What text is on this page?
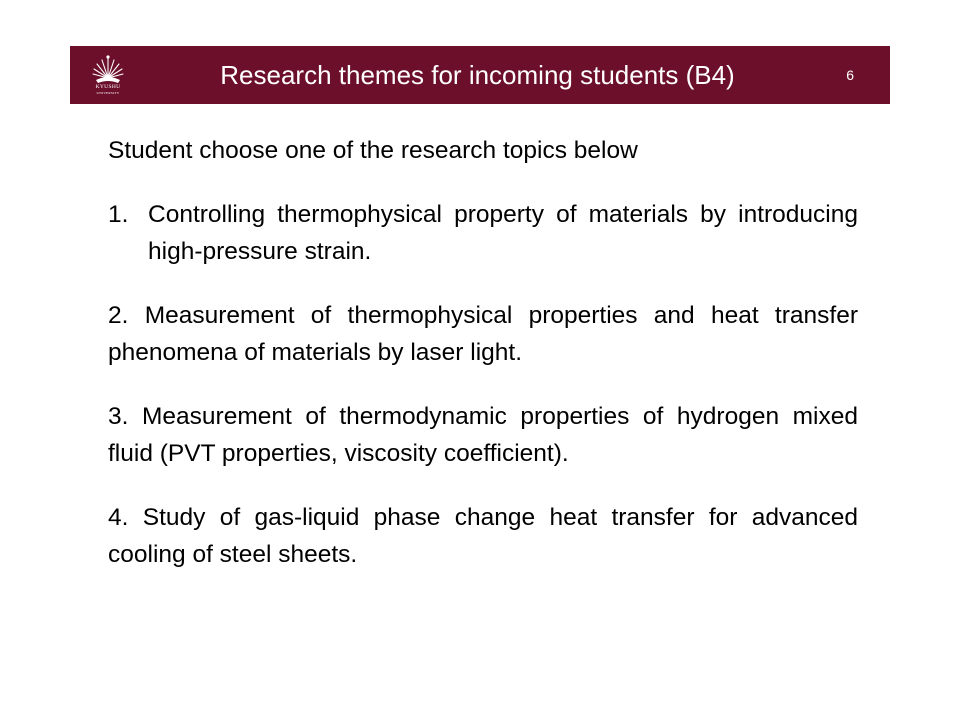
KYUSHU
UNIVERSITY
Research themes for incoming students (B4)	6

Student choose one of the research topics below

1. Controlling thermophysical property of materials by introducing high-pressure strain.
2. Measurement of thermophysical properties and heat transfer phenomena of materials by laser light.
3. Measurement of thermodynamic properties of hydrogen mixed fluid (PVT properties, viscosity coefficient).
4. Study of gas-liquid phase change heat transfer for advanced cooling of steel sheets.
